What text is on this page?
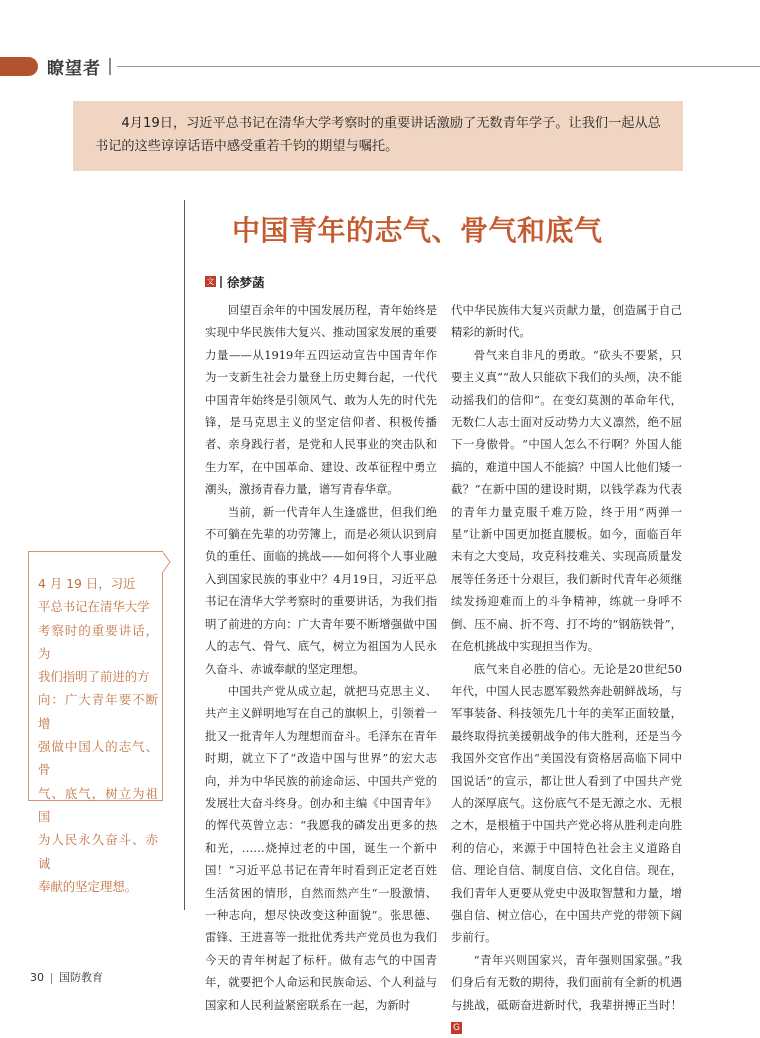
瞭望者
4月19日，习近平总书记在清华大学考察时的重要讲话激励了无数青年学子。让我们一起从总书记的这些谆谆话语中感受重若千钧的期望与嘱托。
中国青年的志气、骨气和底气
文 徐梦菡

回望百余年的中国发展历程，青年始终是实现中华民族伟大复兴、推动国家发展的重要力量——从1919年五四运动宣告中国青年作为一支新生社会力量登上历史舞台起，一代代中国青年始终是引领风气、敢为人先的时代先锋，是马克思主义的坚定信仰者、积极传播者、亲身践行者，是党和人民事业的突击队和生力军，在中国革命、建设、改革征程中勇立潮头，激扬青春力量，谱写青春华章。

当前，新一代青年人生逢盛世，但我们绝不可躺在先辈的功劳簿上，而是必须认识到肩负的重任、面临的挑战——如何将个人事业融入到国家民族的事业中？4月19日，习近平总书记在清华大学考察时的重要讲话，为我们指明了前进的方向：广大青年要不断增强做中国人的志气、骨气、底气，树立为祖国为人民永久奋斗、赤诚奉献的坚定理想。

中国共产党从成立起，就把马克思主义、共产主义鲜明地写在自己的旗帜上，引领着一批又一批青年人为理想而奋斗。毛泽东在青年时期，就立下了“改造中国与世界”的宏大志向，并为中华民族的前途命运、中国共产党的发展壮大奋斗终身。创办和主编《中国青年》的恽代英曾立志：“我愿我的磷发出更多的热和光，……烧掉过老的中国，诞生一个新中国！”习近平总书记在青年时看到正定老百姓生活贫困的情形，自然而然产生“一股激情、一种志向，想尽快改变这种面貌”。张思德、雷锋、王进喜等一批批优秀共产党员也为我们今天的青年树起了标杆。做有志气的中国青年，就要把个人命运和民族命运、个人利益与国家和人民利益紧密联系在一起，为新时

代中华民族伟大复兴贡献力量，创造属于自己精彩的新时代。

骨气来自非凡的勇敢。“砍头不要紧，只要主义真”“敌人只能砍下我们的头颅，决不能动摇我们的信仰”。在变幻莫测的革命年代，无数仁人志士面对反动势力大义凛然，绝不屈下一身傲骨。“中国人怎么不行啊？外国人能搞的，难道中国人不能搞？中国人比他们矮一截？”在新中国的建设时期，以钱学森为代表的青年力量克服千难万险，终于用“两弹一星”让新中国更加挺直腰板。如今，面临百年未有之大变局，攻克科技难关、实现高质量发展等任务还十分艰巨，我们新时代青年必须继续发扬迎难而上的斗争精神，练就一身呼不倒、压不扁、折不弯、打不垮的“钢筋铁骨”，在危机挑战中实现担当作为。

底气来自必胜的信心。无论是20世纪50年代，中国人民志愿军毅然奔赴朝鲜战场，与军事装备、科技领先几十年的美军正面较量，最终取得抗美援朝战争的伟大胜利，还是当今我国外交官作出“美国没有资格居高临下同中国说话”的宣示，都让世人看到了中国共产党人的深厚底气。这份底气不是无源之水、无根之木，是根植于中国共产党必将从胜利走向胜利的信心，来源于中国特色社会主义道路自信、理论自信、制度自信、文化自信。现在，我们青年人更要从党史中汲取智慧和力量，增强自信、树立信心，在中国共产党的带领下阔步前行。

“青年兴则国家兴，青年强则国家强。”我们身后有无数的期待，我们面前有全新的机遇与挑战，砥砺奋进新时代，我辈拼搏正当时！G

4 月 19 日，习近
平总书记在清华大学
考察时的重要讲话，为
我们指明了前进的方
向：广大青年要不断增
强做中国人的志气、骨
气、底气，树立为祖国
为人民永久奋斗、赤诚
奉献的坚定理想。
30 国防教育
